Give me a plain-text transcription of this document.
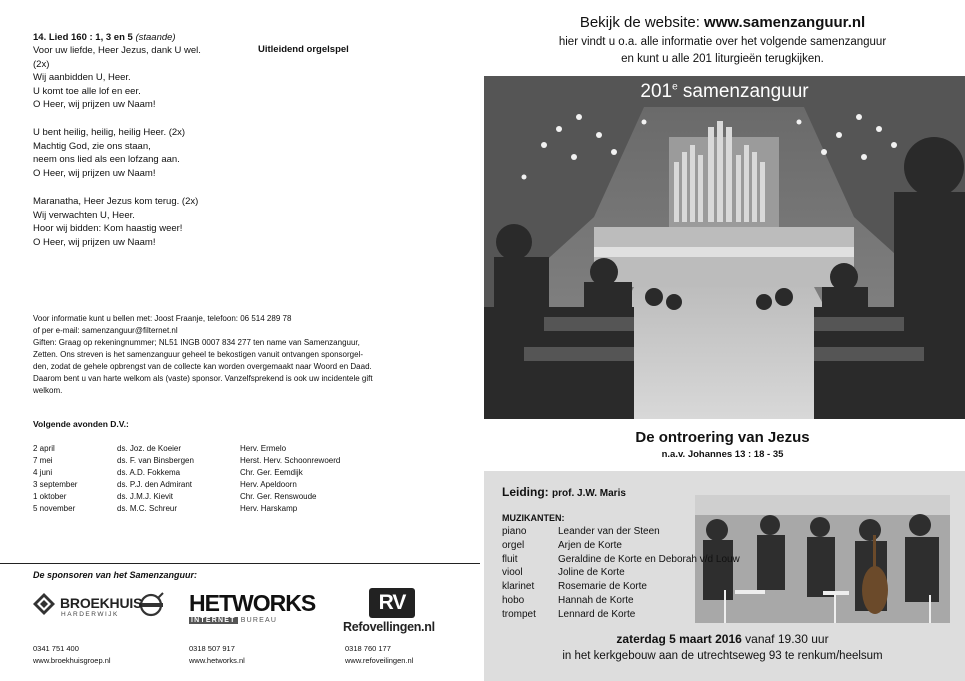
14. Lied 160 : 1, 3 en 5 (staande)
Uitleidend orgelspel
Voor uw liefde, Heer Jezus, dank U wel.
(2x)
Wij aanbidden U, Heer.
U komt toe alle lof en eer.
O Heer, wij prijzen uw Naam!
U bent heilig, heilig, heilig Heer. (2x)
Machtig God, zie ons staan,
neem ons lied als een lofzang aan.
O Heer, wij prijzen uw Naam!
Maranatha, Heer Jezus kom terug. (2x)
Wij verwachten U, Heer.
Hoor wij bidden: Kom haastig weer!
O Heer, wij prijzen uw Naam!
Voor informatie kunt u bellen met: Joost Fraanje, telefoon: 06 514 289 78
of per e-mail: samenzanguur@filternet.nl
Giften: Graag op rekeningnummer; NL51 INGB 0007 834 277 ten name van Samenzanguur,
Zetten. Ons streven is het samenzanguur geheel te bekostigen vanuit ontvangen sponsorgel-
den, zodat de gehele opbrengst van de collecte kan worden overgemaakt naar Woord en Daad.
Daarom bent u van harte welkom als (vaste) sponsor. Vanzelfsprekend is ook uw incidentele gift
welkom.
Volgende avonden D.V.:
2 april	ds. Joz. de Koeier	Herv. Ermelo
7 mei	ds. F. van Binsbergen	Herst. Herv. Schoonrewoerd
4 juni	ds. A.D. Fokkema	Chr. Ger. Eemdijk
3 september	ds. P.J. den Admirant	Herv. Apeldoorn
1 oktober	ds. J.M.J. Kievit	Chr. Ger. Renswoude
5 november	ds. M.C. Schreur	Herv. Harskamp
De sponsoren van het Samenzanguur:
BROEKHUIS
HARDERWIJK	HETWORKS
INTERNET BUREAU
RV
Refovellingen.nl
0341 751 400
www.broekhuisgroep.nl
0318 507 917
www.hetworks.nl
0318 760 177
www.refoveilingen.nl
Bekijk de website: www.samenzanguur.nl
hier vindt u o.a. alle informatie over het volgende samenzanguur
en kunt u alle 201 liturgieën terugkijken.
201e samenzanguur
De ontroering van Jezus
n.a.v. Johannes 13 : 18 - 35
Leiding: prof. J.W. Maris
MUZIKANTEN:
piano	Leander van der Steen
orgel	Arjen de Korte
fluit	Geraldine de Korte en Deborah v/d Louw
viool	Joline de Korte
klarinet Rosemarie de Korte
hobo	Hannah de Korte
trompet Lennard de Korte
zaterdag 5 maart 2016 vanaf 19.30 uur
in het kerkgebouw aan de utrechtseweg 93 te renkum/heelsum
